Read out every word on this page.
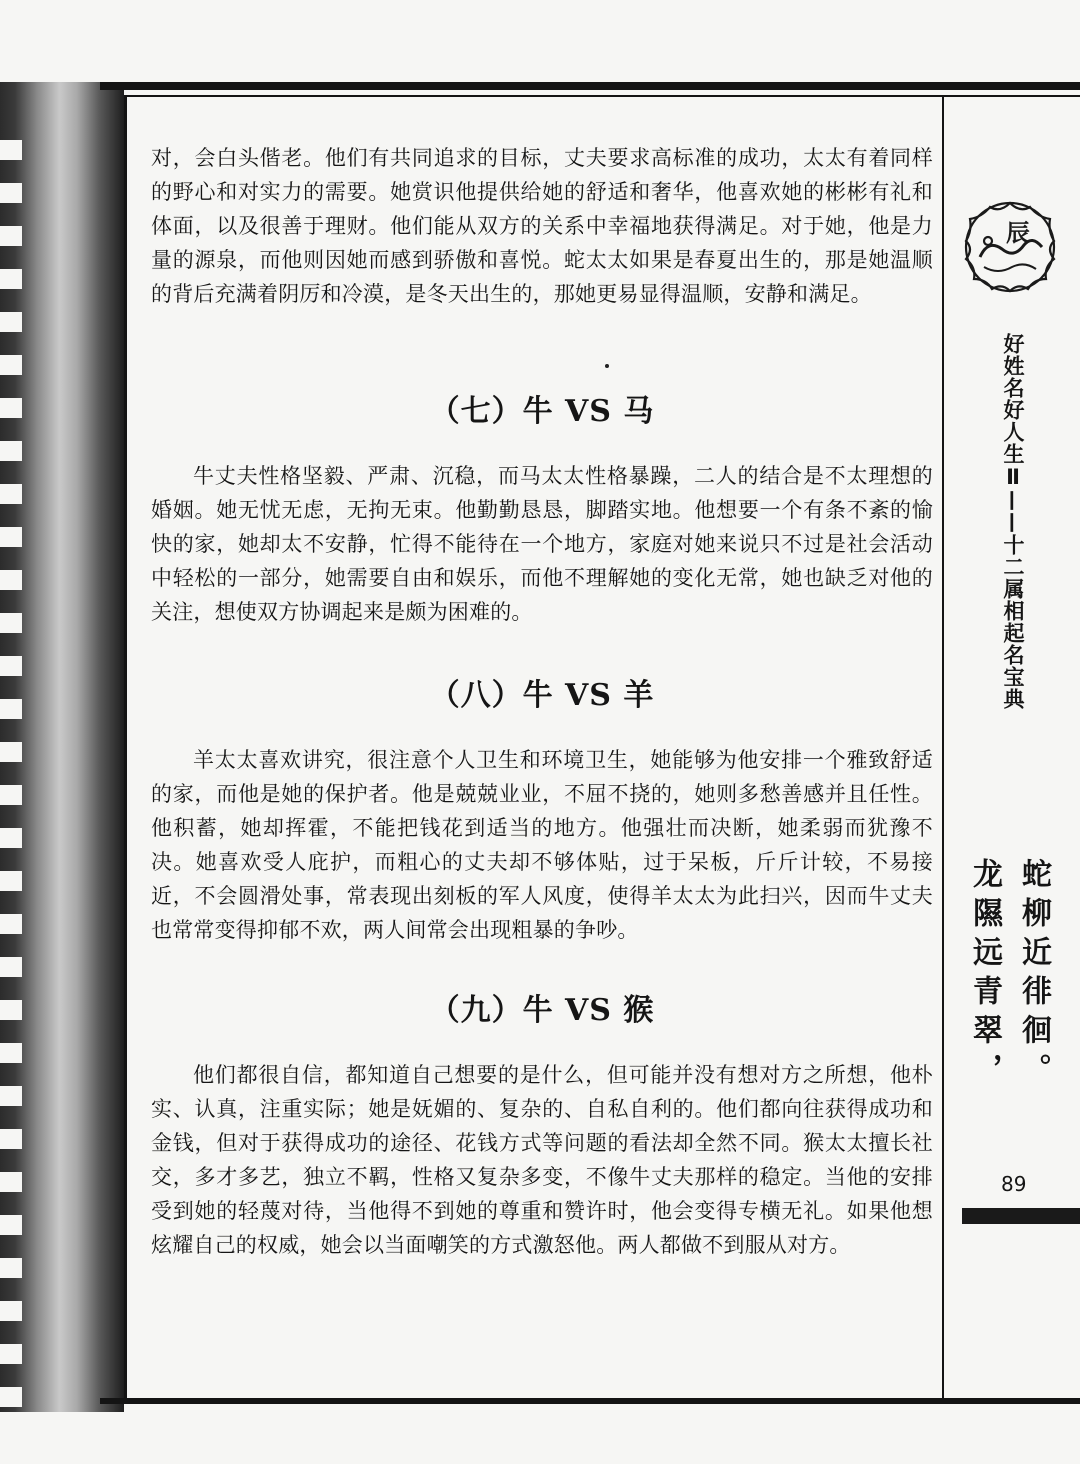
对，会白头偕老。他们有共同追求的目标，丈夫要求高标准的成功，太太有着同样的野心和对实力的需要。她赏识他提供给她的舒适和奢华，他喜欢她的彬彬有礼和体面，以及很善于理财。他们能从双方的关系中幸福地获得满足。对于她，他是力量的源泉，而他则因她而感到骄傲和喜悦。蛇太太如果是春夏出生的，那是她温顺的背后充满着阴厉和冷漠，是冬天出生的，那她更易显得温顺，安静和满足。

（七）牛 VS 马

牛丈夫性格坚毅、严肃、沉稳，而马太太性格暴躁，二人的结合是不太理想的婚姻。她无忧无虑，无拘无束。他勤勤恳恳，脚踏实地。他想要一个有条不紊的愉快的家，她却太不安静，忙得不能待在一个地方，家庭对她来说只不过是社会活动中轻松的一部分，她需要自由和娱乐，而他不理解她的变化无常，她也缺乏对他的关注，想使双方协调起来是颇为困难的。

（八）牛 VS 羊

羊太太喜欢讲究，很注意个人卫生和环境卫生，她能够为他安排一个雅致舒适的家，而他是她的保护者。他是兢兢业业，不屈不挠的，她则多愁善感并且任性。他积蓄，她却挥霍，不能把钱花到适当的地方。他强壮而决断，她柔弱而犹豫不决。她喜欢受人庇护，而粗心的丈夫却不够体贴，过于呆板，斤斤计较，不易接近，不会圆滑处事，常表现出刻板的军人风度，使得羊太太为此扫兴，因而牛丈夫也常常变得抑郁不欢，两人间常会出现粗暴的争吵。

（九）牛 VS 猴

他们都很自信，都知道自己想要的是什么，但可能并没有想对方之所想，他朴实、认真，注重实际；她是妩媚的、复杂的、自私自利的。他们都向往获得成功和金钱，但对于获得成功的途径、花钱方式等问题的看法却全然不同。猴太太擅长社交，多才多艺，独立不羁，性格又复杂多变，不像牛丈夫那样的稳定。当他的安排受到她的轻蔑对待，当他得不到她的尊重和赞许时，他会变得专横无礼。如果他想炫耀自己的权威，她会以当面嘲笑的方式激怒他。两人都做不到服从对方。

辰
好姓名好人生Ⅱ——十二属相起名宝典
蛇柳近徘徊。
龙隰远青翠，
89
